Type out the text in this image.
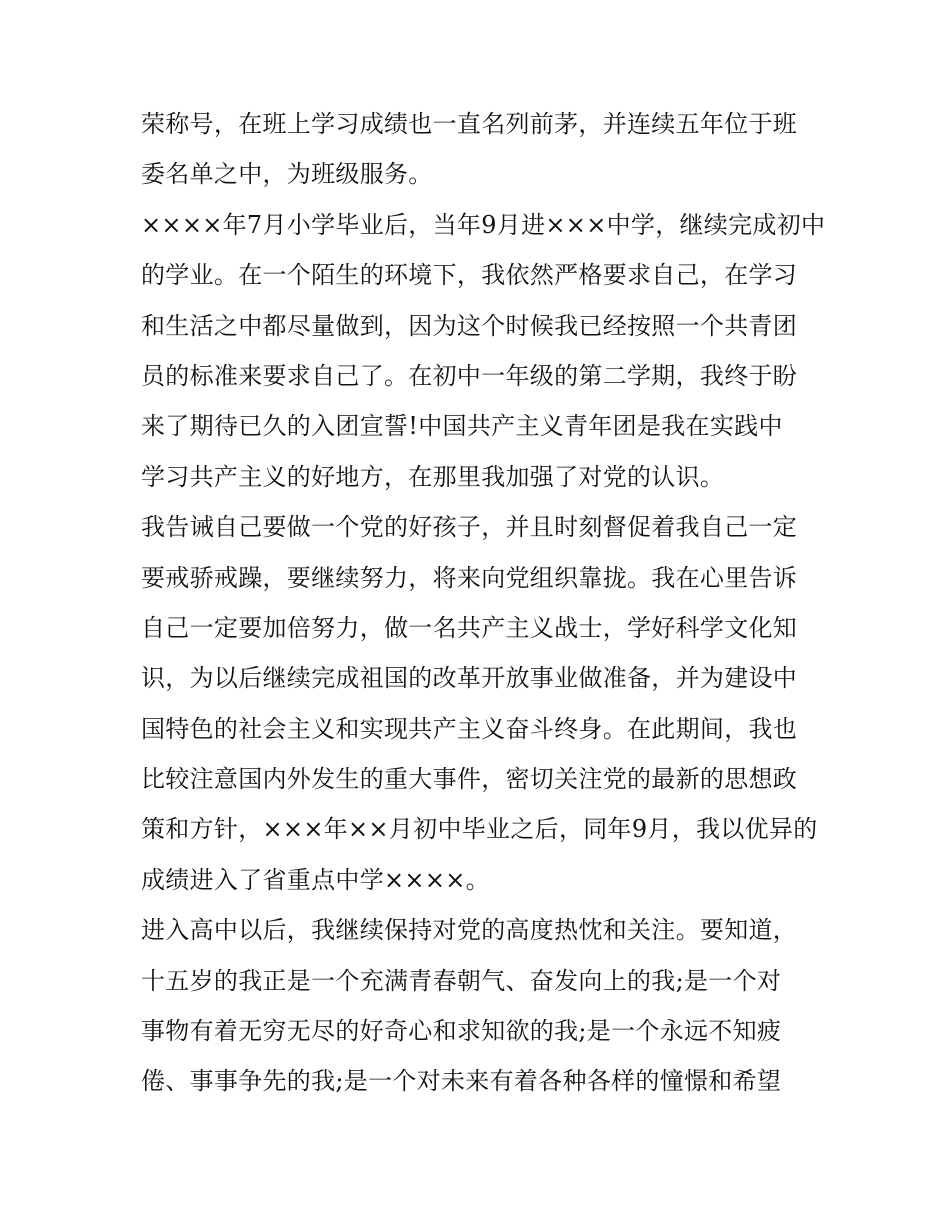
荣称号，在班上学习成绩也一直名列前茅，并连续五年位于班
委名单之中，为班级服务。
××××年7月小学毕业后，当年9月进×××中学，继续完成初中
的学业。在一个陌生的环境下，我依然严格要求自己，在学习
和生活之中都尽量做到，因为这个时候我已经按照一个共青团
员的标准来要求自己了。在初中一年级的第二学期，我终于盼
来了期待已久的入团宣誓!中国共产主义青年团是我在实践中
学习共产主义的好地方，在那里我加强了对党的认识。
我告诫自己要做一个党的好孩子，并且时刻督促着我自己一定
要戒骄戒躁，要继续努力，将来向党组织靠拢。我在心里告诉
自己一定要加倍努力，做一名共产主义战士，学好科学文化知
识，为以后继续完成祖国的改革开放事业做准备，并为建设中
国特色的社会主义和实现共产主义奋斗终身。在此期间，我也
比较注意国内外发生的重大事件，密切关注党的最新的思想政
策和方针，×××年××月初中毕业之后，同年9月，我以优异的
成绩进入了省重点中学××××。
进入高中以后，我继续保持对党的高度热忱和关注。要知道，
十五岁的我正是一个充满青春朝气、奋发向上的我;是一个对
事物有着无穷无尽的好奇心和求知欲的我;是一个永远不知疲
倦、事事争先的我;是一个对未来有着各种各样的憧憬和希望
